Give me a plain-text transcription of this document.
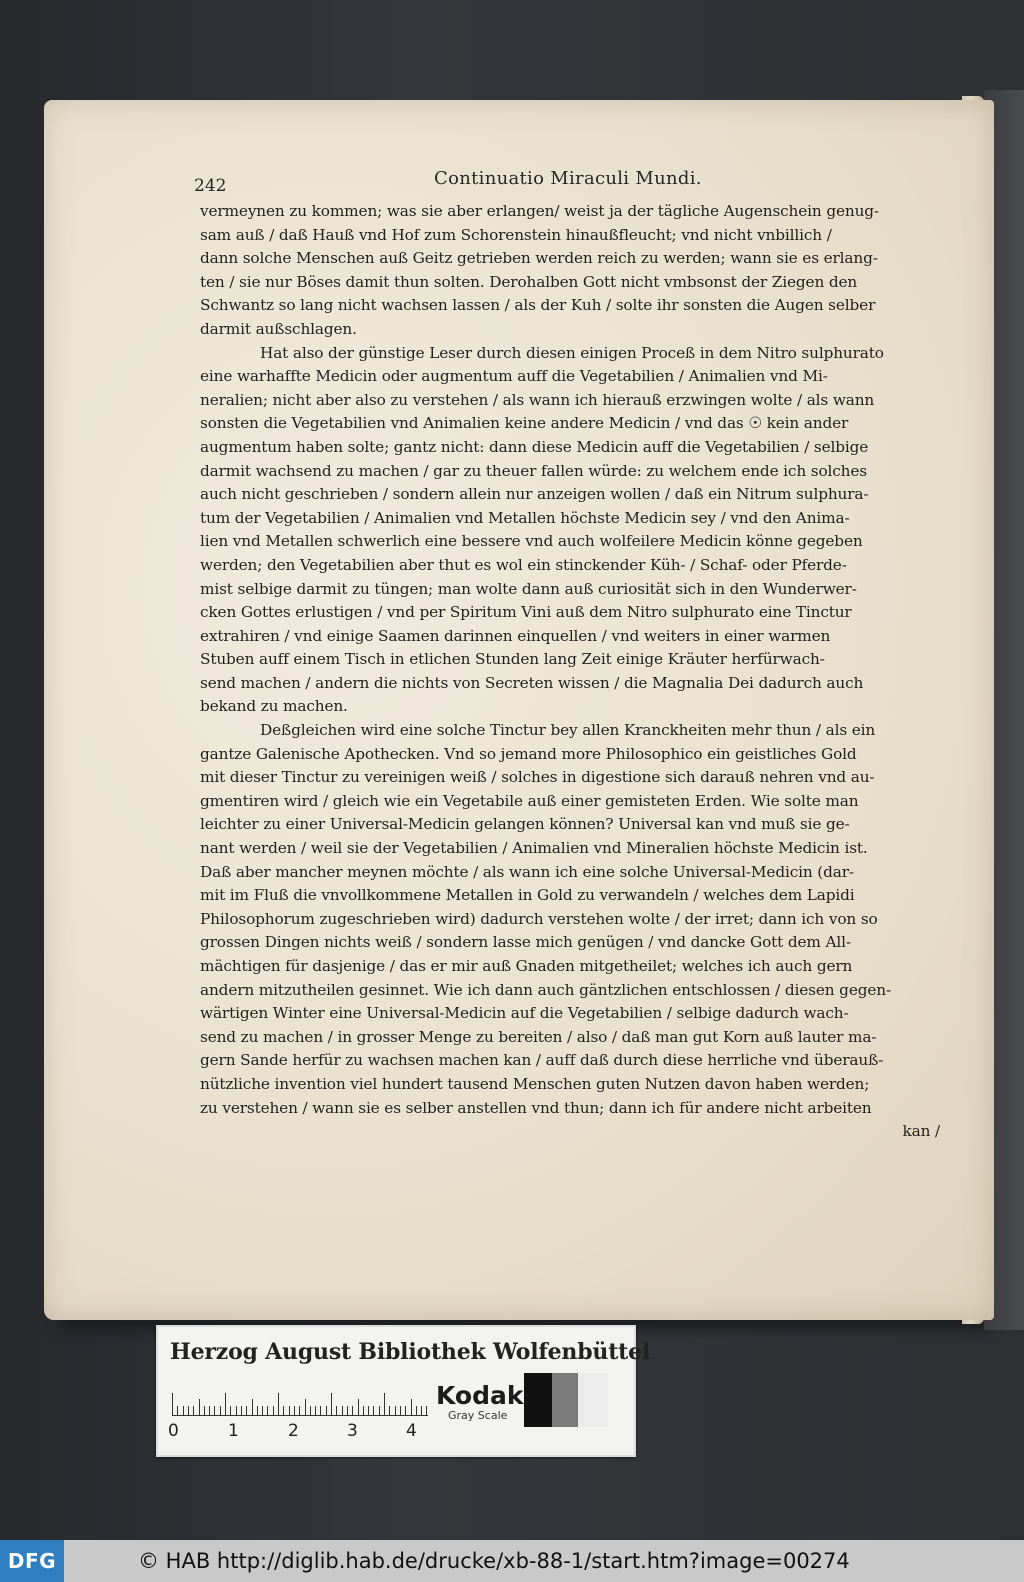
242	Continuatio Miraculi Mundi.
vermeynen zu kommen; was sie aber erlangen/ weist ja der tägliche Augenschein genug-
sam auß / daß Hauß vnd Hof zum Schorenstein hinaußfleucht; vnd nicht vnbillich /
dann solche Menschen auß Geitz getrieben werden reich zu werden; wann sie es erlang-
ten / sie nur Böses damit thun solten. Derohalben Gott nicht vmbsonst der Ziegen den
Schwantz so lang nicht wachsen lassen / als der Kuh / solte ihr sonsten die Augen selber
darmit außschlagen.
Hat also der günstige Leser durch diesen einigen Proceß in dem Nitro sulphurato
eine warhaffte Medicin oder augmentum auff die Vegetabilien / Animalien vnd Mi-
neralien; nicht aber also zu verstehen / als wann ich hierauß erzwingen wolte / als wann
sonsten die Vegetabilien vnd Animalien keine andere Medicin / vnd das ☉ kein ander
augmentum haben solte; gantz nicht: dann diese Medicin auff die Vegetabilien / selbige
darmit wachsend zu machen / gar zu theuer fallen würde: zu welchem ende ich solches
auch nicht geschrieben / sondern allein nur anzeigen wollen / daß ein Nitrum sulphura-
tum der Vegetabilien / Animalien vnd Metallen höchste Medicin sey / vnd den Anima-
lien vnd Metallen schwerlich eine bessere vnd auch wolfeilere Medicin könne gegeben
werden; den Vegetabilien aber thut es wol ein stinckender Küh- / Schaf- oder Pferde-
mist selbige darmit zu tüngen; man wolte dann auß curiosität sich in den Wunderwer-
cken Gottes erlustigen / vnd per Spiritum Vini auß dem Nitro sulphurato eine Tinctur
extrahiren / vnd einige Saamen darinnen einquellen / vnd weiters in einer warmen
Stuben auff einem Tisch in etlichen Stunden lang Zeit einige Kräuter herfürwach-
send machen / andern die nichts von Secreten wissen / die Magnalia Dei dadurch auch
bekand zu machen.
Deßgleichen wird eine solche Tinctur bey allen Kranckheiten mehr thun / als ein
gantze Galenische Apothecken. Vnd so jemand more Philosophico ein geistliches Gold
mit dieser Tinctur zu vereinigen weiß / solches in digestione sich darauß nehren vnd au-
gmentiren wird / gleich wie ein Vegetabile auß einer gemisteten Erden. Wie solte man
leichter zu einer Universal-Medicin gelangen können? Universal kan vnd muß sie ge-
nant werden / weil sie der Vegetabilien / Animalien vnd Mineralien höchste Medicin ist.
Daß aber mancher meynen möchte / als wann ich eine solche Universal-Medicin (dar-
mit im Fluß die vnvollkommene Metallen in Gold zu verwandeln / welches dem Lapidi
Philosophorum zugeschrieben wird) dadurch verstehen wolte / der irret; dann ich von so
grossen Dingen nichts weiß / sondern lasse mich genügen / vnd dancke Gott dem All-
mächtigen für dasjenige / das er mir auß Gnaden mitgetheilet; welches ich auch gern
andern mitzutheilen gesinnet. Wie ich dann auch gäntzlichen entschlossen / diesen gegen-
wärtigen Winter eine Universal-Medicin auf die Vegetabilien / selbige dadurch wach-
send zu machen / in grosser Menge zu bereiten / also / daß man gut Korn auß lauter ma-
gern Sande herfür zu wachsen machen kan / auff daß durch diese herrliche vnd überauß-
nützliche invention viel hundert tausend Menschen guten Nutzen davon haben werden;
zu verstehen / wann sie es selber anstellen vnd thun; dann ich für andere nicht arbeiten
kan /
Herzog August Bibliothek Wolfenbüttel
0	1	2	3	4
Kodak
Gray Scale
DFG	© HAB http://diglib.hab.de/drucke/xb-88-1/start.htm?image=00274
